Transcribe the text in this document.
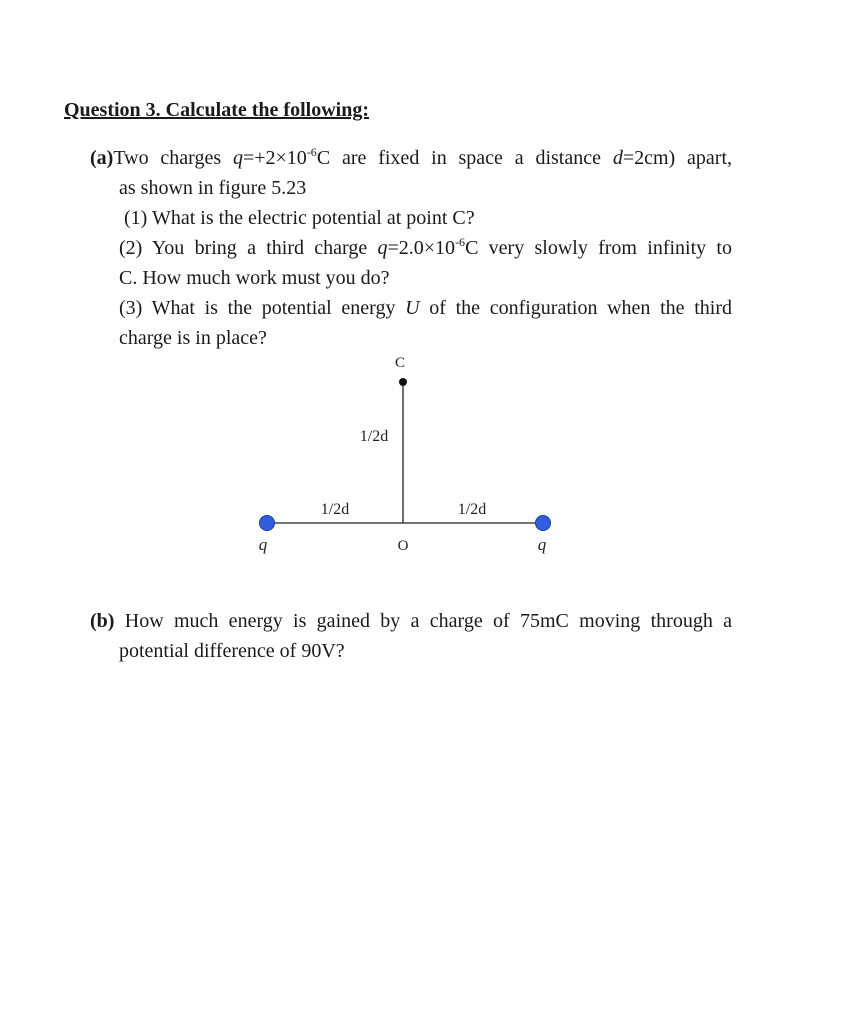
Question 3. Calculate the following:
(a)Two charges $q=+2\times 10^{-6}C$ are fixed in space a distance d=2cm) apart,
as shown in figure 5.23
(1) What is the electric potential at point C?
(2) You bring a third charge $q=2.0\times 10^{-6}C$ very slowly from infinity to
C. How much work must you do?
(3) What is the potential energy U of the configuration when the third
charge is in place?
C
1/2d
1/2d	1/2d
q	O	q
(b) How much energy is gained by a charge of 75mC moving through a
potential difference of 90V?
